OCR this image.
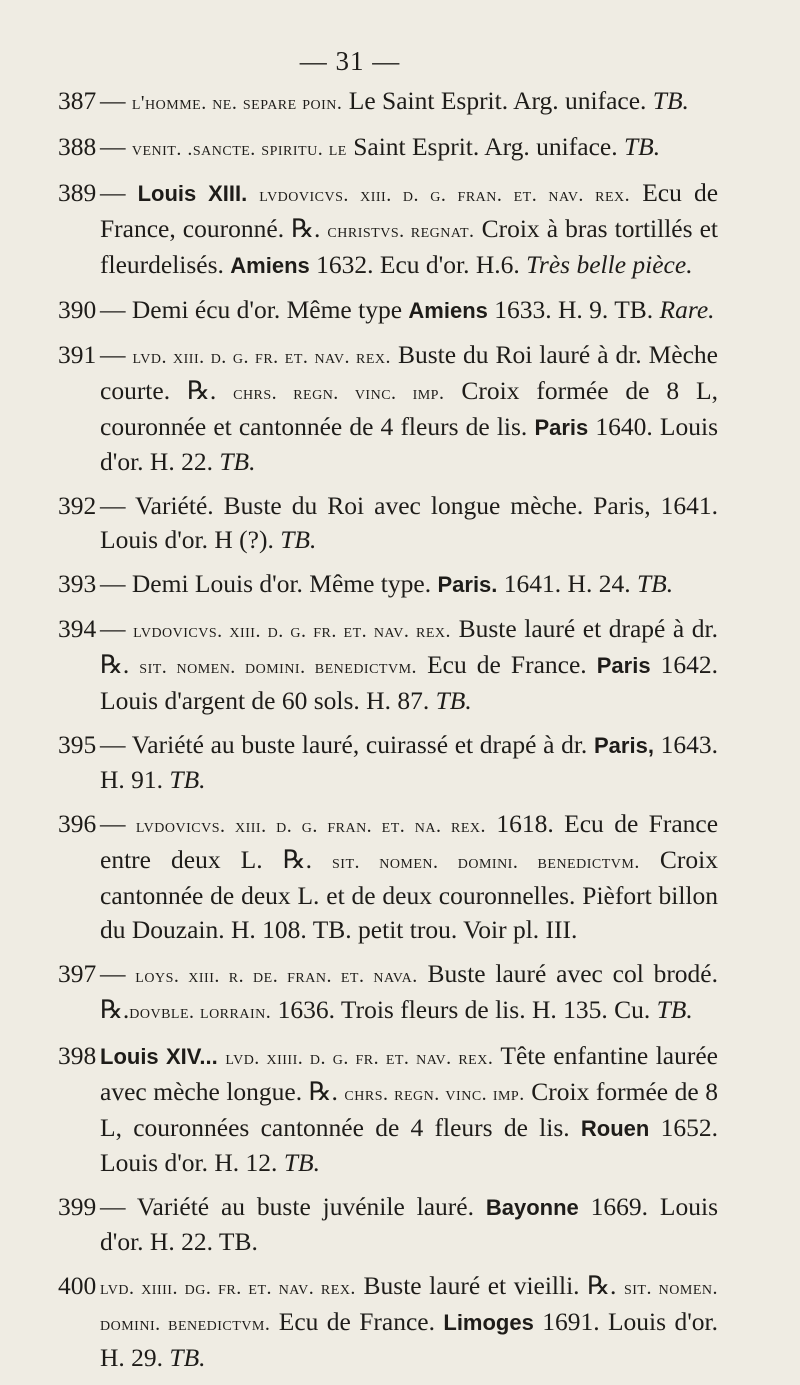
— 31 —
387 — l'homme. ne. separe poin. Le Saint Esprit. Arg. uniface. TB.
388 — venit. .sancte. spiritu. le Saint Esprit. Arg. uniface. TB.
389 — Louis XIII. lvdovicvs. xiii. d. g. fran. et. nav. rex. Ecu de France, couronné. ℞. christvs. regnat. Croix à bras tortillés et fleurdelisés. Amiens 1632. Ecu d'or. H.6. Très belle pièce.
390 — Demi écu d'or. Même type Amiens 1633. H. 9. TB. Rare.
391 — lvd. xiii. d. g. fr. et. nav. rex. Buste du Roi lauré à dr. Mèche courte. ℞. chrs. regn. vinc. imp. Croix formée de 8 L, couronnée et cantonnée de 4 fleurs de lis. Paris 1640. Louis d'or. H. 22. TB.
392 — Variété. Buste du Roi avec longue mèche. Paris, 1641. Louis d'or. H (?). TB.
393 — Demi Louis d'or. Même type. Paris. 1641. H. 24. TB.
394 — lvdovicvs. xiii. d. g. fr. et. nav. rex. Buste lauré et drapé à dr. ℞. sit. nomen. domini. benedictvm. Ecu de France. Paris 1642. Louis d'argent de 60 sols. H. 87. TB.
395 — Variété au buste lauré, cuirassé et drapé à dr. Paris, 1643. H. 91. TB.
396 — lvdovicvs. xiii. d. g. fran. et. na. rex. 1618. Ecu de France entre deux L. ℞. sit. nomen. domini. benedictvm. Croix cantonnée de deux L. et de deux couronnelles. Pièfort billon du Douzain. H. 108. TB. petit trou. Voir pl. III.
397 — loys. xiii. r. de. fran. et. nava. Buste lauré avec col brodé. ℞.dovble. lorrain. 1636. Trois fleurs de lis. H. 135. Cu. TB.
398 Louis XIV... lvd. xiiii. d. g. fr. et. nav. rex. Tête enfantine laurée avec mèche longue. ℞. chrs. regn. vinc. imp. Croix formée de 8 L, couronnées cantonnée de 4 fleurs de lis. Rouen 1652. Louis d'or. H. 12. TB.
399 — Variété au buste juvénile lauré. Bayonne 1669. Louis d'or. H. 22. TB.
400 lvd. xiiii. dg. fr. et. nav. rex. Buste lauré et vieilli. ℞. sit. nomen. domini. benedictvm. Ecu de France. Limoges 1691. Louis d'or. H. 29. TB.
